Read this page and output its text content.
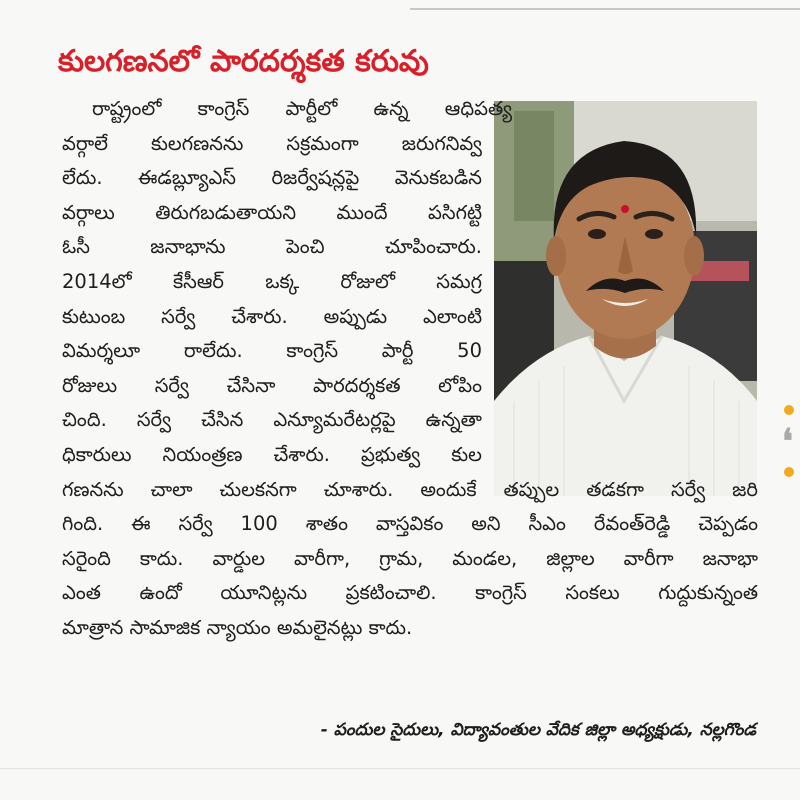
కులగణనలో పారదర్శకత కరువు
రాష్ట్రంలో కాంగ్రెస్ పార్టీలో ఉన్న ఆధిపత్య
వర్గాలే కులగణనను సక్రమంగా జరుగనివ్వ
లేదు. ఈడబ్ల్యూఎస్ రిజర్వేషన్లపై వెనుకబడిన
వర్గాలు తిరుగబడుతాయని ముందే పసిగట్టి
ఓసీ జనాభాను పెంచి చూపించారు.
2014లో కేసీఆర్ ఒక్క రోజులో సమగ్ర
కుటుంబ సర్వే చేశారు. అప్పుడు ఎలాంటి
విమర్శలూ రాలేదు. కాంగ్రెస్ పార్టీ 50
రోజులు సర్వే చేసినా పారదర్శకత లోపిం
చింది. సర్వే చేసిన ఎన్యూమరేటర్లపై ఉన్నతా
ధికారులు నియంత్రణ చేశారు. ప్రభుత్వ కుల
గణనను చాలా చులకనగా చూశారు. అందుకే తప్పుల తడకగా సర్వే జరి
గింది. ఈ సర్వే 100 శాతం వాస్తవికం అని సీఎం రేవంత్‌రెడ్డి చెప్పడం
సరైంది కాదు. వార్డుల వారీగా, గ్రామ, మండల, జిల్లాల వారీగా జనాభా
ఎంత ఉందో యూనిట్లను ప్రకటించాలి. కాంగ్రెస్ సంకలు గుద్దుకున్నంత
మాత్రాన సామాజిక న్యాయం అమలైనట్లు కాదు.

- పందుల సైదులు, విద్యావంతుల వేదిక జిల్లా అధ్యక్షుడు, నల్లగొండ

❛
